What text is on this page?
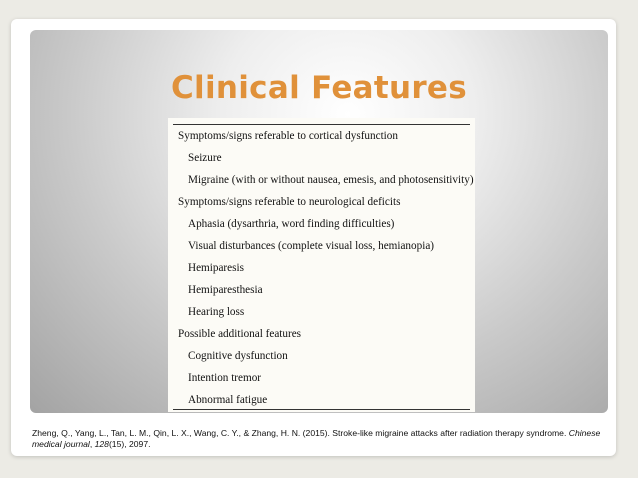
Clinical Features
Symptoms/signs referable to cortical dysfunction
Seizure
Migraine (with or without nausea, emesis, and photosensitivity)
Symptoms/signs referable to neurological deficits
Aphasia (dysarthria, word finding difficulties)
Visual disturbances (complete visual loss, hemianopia)
Hemiparesis
Hemiparesthesia
Hearing loss
Possible additional features
Cognitive dysfunction
Intention tremor
Abnormal fatigue
Zheng, Q., Yang, L., Tan, L. M., Qin, L. X., Wang, C. Y., & Zhang, H. N. (2015). Stroke-like migraine attacks after radiation therapy syndrome. Chinese medical journal, 128(15), 2097.
